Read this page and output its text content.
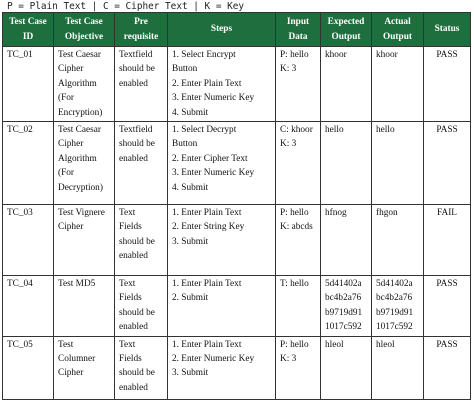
P = Plain Text | C = Cipher Text | K = Key
Test Case ID	Test Case Objective	Pre requisite	Steps	Input Data	Expected Output	Actual Output	Status
TC_01	Test Caesar
Cipher
Algorithm
(For
Encryption)	Textfield
should be
enabled	1. Select Encrypt
Button
2. Enter Plain Text
3. Enter Numeric Key
4. Submit	P: hello
K: 3	khoor	khoor	PASS
TC_02	Test Caesar
Cipher
Algorithm
(For
Decryption)	Textfield
should be
enabled	1. Select Decrypt
Button
2. Enter Cipher Text
3. Enter Numeric Key
4. Submit	C: khoor
K: 3	hello	hello	PASS
TC_03	Test Vignere
Cipher	Text
Fields
should be
enabled	1. Enter Plain Text
2. Enter String Key
3. Submit	P: hello
K: abcds	hfnog	fhgon	FAIL
TC_04	Test MD5	Text
Fields
should be
enabled	1. Enter Plain Text
2. Submit	T: hello	5d41402a
bc4b2a76
b9719d91
1017c592	5d41402a
bc4b2a76
b9719d91
1017c592	PASS
TC_05	Test
Columner
Cipher	Text
Fields
should be
enabled	1. Enter Plain Text
2. Enter Numeric Key
3. Submit	P: hello
K: 3	hleol	hleol	PASS
